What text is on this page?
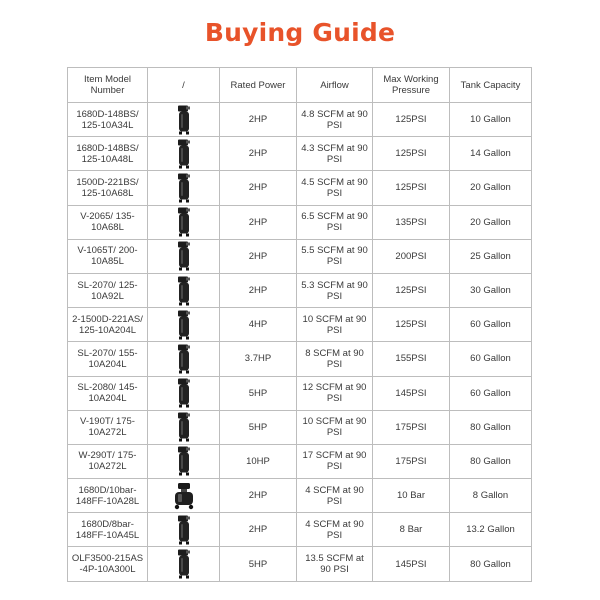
Buying Guide
Item Model Number	/	Rated Power	Airflow	Max Working Pressure	Tank Capacity
1680D-148BS/ 125-10A34L		2HP	4.8 SCFM at 90 PSI	125PSI	10 Gallon
1680D-148BS/ 125-10A48L		2HP	4.3 SCFM at 90 PSI	125PSI	14 Gallon
1500D-221BS/ 125-10A68L		2HP	4.5 SCFM at 90 PSI	125PSI	20 Gallon
V-2065/ 135-10A68L		2HP	6.5 SCFM at 90 PSI	135PSI	20 Gallon
V-1065T/ 200-10A85L		2HP	5.5 SCFM at 90 PSI	200PSI	25 Gallon
SL-2070/ 125-10A92L		2HP	5.3 SCFM at 90 PSI	125PSI	30 Gallon
2-1500D-221AS/ 125-10A204L		4HP	10 SCFM at 90 PSI	125PSI	60 Gallon
SL-2070/ 155-10A204L		3.7HP	8 SCFM at 90 PSI	155PSI	60 Gallon
SL-2080/ 145-10A204L		5HP	12 SCFM at 90 PSI	145PSI	60 Gallon
V-190T/ 175-10A272L		5HP	10 SCFM at 90 PSI	175PSI	80 Gallon
W-290T/ 175-10A272L		10HP	17 SCFM at 90 PSI	175PSI	80 Gallon
1680D/10bar- 148FF-10A28L		2HP	4 SCFM at 90 PSI	10 Bar	8 Gallon
1680D/8bar- 148FF-10A45L		2HP	4 SCFM at 90 PSI	8 Bar	13.2 Gallon
OLF3500-215AS -4P-10A300L		5HP	13.5 SCFM at 90 PSI	145PSI	80 Gallon
